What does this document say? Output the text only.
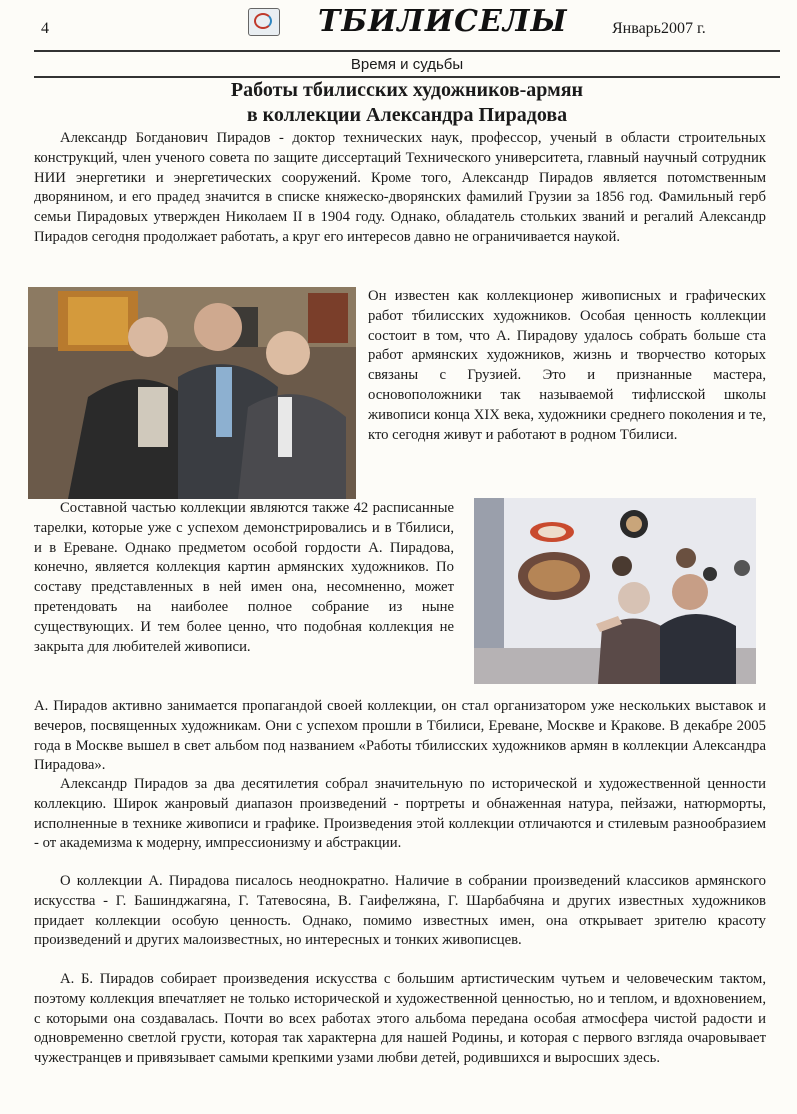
4	ТБИЛИСЕЛЫ	Январь2007 г.
Время и судьбы
Работы тбилисских художников-армян
в коллекции Александра Пирадова

Александр Богданович Пирадов - доктор технических наук, профессор, ученый в области строительных конструкций, член ученого совета по защите диссертаций Технического университета, главный научный сотрудник НИИ энергетики и энергетических сооружений. Кроме того, Александр Пирадов является потомственным дворянином, и его прадед значится в списке княжеско-дворянских фамилий Грузии за 1856 год. Фамильный герб семьи Пирадовых утвержден Николаем II в 1904 году. Однако, обладатель стольких званий и регалий Александр Пирадов сегодня продолжает работать, а круг его интересов давно не ограничивается наукой.

Он известен как коллекционер живописных и графических работ тбилисских художников. Особая ценность коллекции состоит в том, что А. Пирадову удалось собрать больше ста работ армянских художников, жизнь и творчество которых связаны с Грузией. Это и признанные мастера, основоположники так называемой тифлисской школы живописи конца XIX века, художники среднего поколения и те, кто сегодня живут и работают в родном Тбилиси.

Составной частью коллекции являются также 42 расписанные тарелки, которые уже с успехом демонстрировались и в Тбилиси, и в Ереване. Однако предметом особой гордости А. Пирадова, конечно, является коллекция картин армянских художников. По составу представленных в ней имен она, несомненно, может претендовать на наиболее полное собрание из ныне существующих. И тем более ценно, что подобная коллекция не закрыта для любителей живописи.

А. Пирадов активно занимается пропагандой своей коллекции, он стал организатором уже нескольких выставок и вечеров, посвященных художникам. Они с успехом прошли в Тбилиси, Ереване, Москве и Кракове. В декабре 2005 года в Москве вышел в свет альбом под названием «Работы тбилисских художников армян в коллекции Александра Пирадова».

Александр Пирадов за два десятилетия собрал значительную по исторической и художественной ценности коллекцию. Широк жанровый диапазон произведений - портреты и обнаженная натура, пейзажи, натюрморты, исполненные в технике живописи и графике. Произведения этой коллекции отличаются и стилевым разнообразием - от академизма к модерну, импрессионизму и абстракции.

О коллекции А. Пирадова писалось неоднократно. Наличие в собрании произведений классиков армянского искусства - Г. Башинджагяна, Г. Татевосяна, В. Гаифелжяна, Г. Шарбабчяна и других известных художников придает коллекции особую ценность. Однако, помимо известных имен, она открывает зрителю красоту произведений и других малоизвестных, но интересных и тонких живописцев.

А. Б. Пирадов собирает произведения искусства с большим артистическим чутьем и человеческим тактом, поэтому коллекция впечатляет не только исторической и художественной ценностью, но и теплом, и вдохновением, с которыми она создавалась. Почти во всех работах этого альбома передана особая атмосфера чистой радости и одновременно светлой грусти, которая так характерна для нашей Родины, и которая с первого взгляда очаровывает чужестранцев и привязывает самыми крепкими узами любви детей, родившихся и выросших здесь.
